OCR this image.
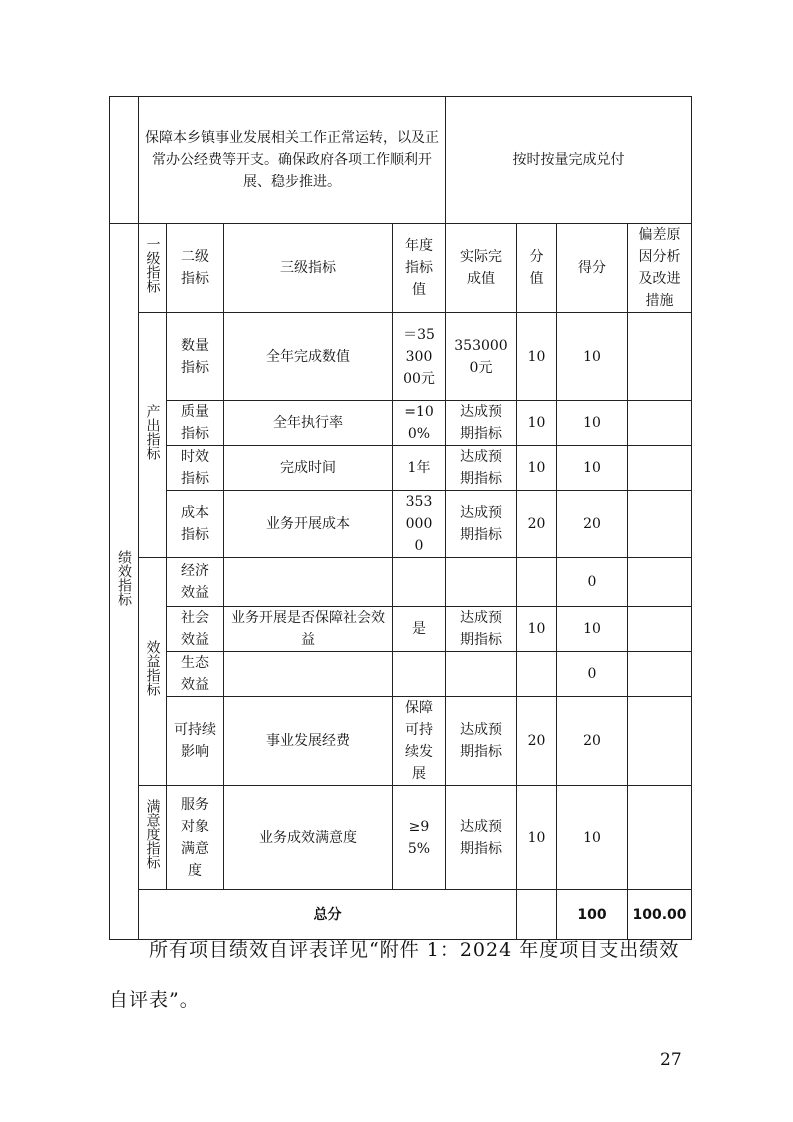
	保障本乡镇事业发展相关工作正常运转，以及正常办公经费等开支。确保政府各项工作顺利开展、稳步推进。				按时按量完成兑付				
绩效指标	一级指标	二级指标	三级指标	年度指标值	实际完成值	分值	得分	偏差原因分析及改进措施	

	产出指标	数量指标	全年完成数值	＝3530000元	3530000元	10	10		

		质量指标	全年执行率	=100%	达成预期指标	10	10		

		时效指标	完成时间	1年	达成预期指标	10	10		

		成本指标	业务开展成本	3530000	达成预期指标	20	20		
	效益指标	经济效益					0		

		社会效益	业务开展是否保障社会效益	是	达成预期指标	10	10		

		生态效益					0		

		可持续影响	事业发展经费	保障可持续发展	达成预期指标	20	20		
	满意度指标	服务对象满意度	业务成效满意度	≥95%	达成预期指标	10	10		
	总分						100	100.00	

所有项目绩效自评表详见“附件 1：2024 年度项目支出绩效自评表”。

27
